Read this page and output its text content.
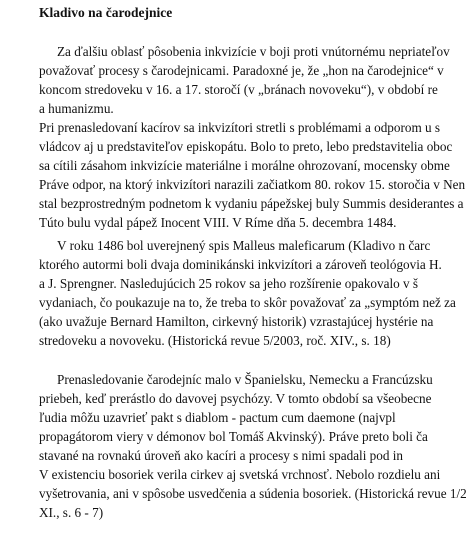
Kladivo na čarodejnice

Za ďalšiu oblasť pôsobenia inkvizície v boji proti vnútornému nepriateľov

považovať procesy s čarodejnicami. Paradoxné je, že „hon na čarodejnice“ v

koncom stredoveku v 16. a 17. storočí (v „bránach novoveku“), v období re

a humanizmu.

Pri prenasledovaní kacírov sa inkvizítori stretli s problémami a odporom u s

vládcov aj u predstaviteľov episkopátu. Bolo to preto, lebo predstavitelia oboc

sa cítili zásahom inkvizície materiálne i morálne ohrozovaní, mocensky obme

Práve odpor, na ktorý inkvizítori narazili začiatkom 80. rokov 15. storočia v Nen

stal bezprostredným podnetom k vydaniu pápežskej buly Summis desiderantes a

Túto bulu vydal pápež Inocent VIII. V Ríme dňa 5. decembra 1484.

V roku 1486 bol uverejnený spis Malleus maleficarum (Kladivo n čarc

ktorého autormi boli dvaja dominikánski inkvizítori a zároveň teológovia H.

a J. Sprengner. Nasledujúcich 25 rokov sa jeho rozšírenie opakovalo v š

vydaniach, čo poukazuje na to, že treba to skôr považovať za „symptóm než za

(ako uvažuje Bernard Hamilton, cirkevný historik) vzrastajúcej hystérie na

stredoveku a novoveku. (Historická revue 5/2003, roč. XIV., s. 18)

Prenasledovanie čarodejníc malo v Španielsku, Nemecku a Francúzsku

priebeh, keď prerástlo do davovej psychózy. V tomto období sa všeobecne

ľudia môžu uzavrieť pakt s diablom - pactum cum daemone (najvpl

propagátorom viery v démonov bol Tomáš Akvinský). Práve preto boli ča

stavané na rovnakú úroveň ako kacíri a procesy s nimi spadali pod in

V existenciu bosoriek verila cirkev aj svetská vrchnosť. Nebolo rozdielu ani

vyšetrovania, ani v spôsobe usvedčenia a súdenia bosoriek. (Historická revue 1/2

XI., s. 6 - 7)
